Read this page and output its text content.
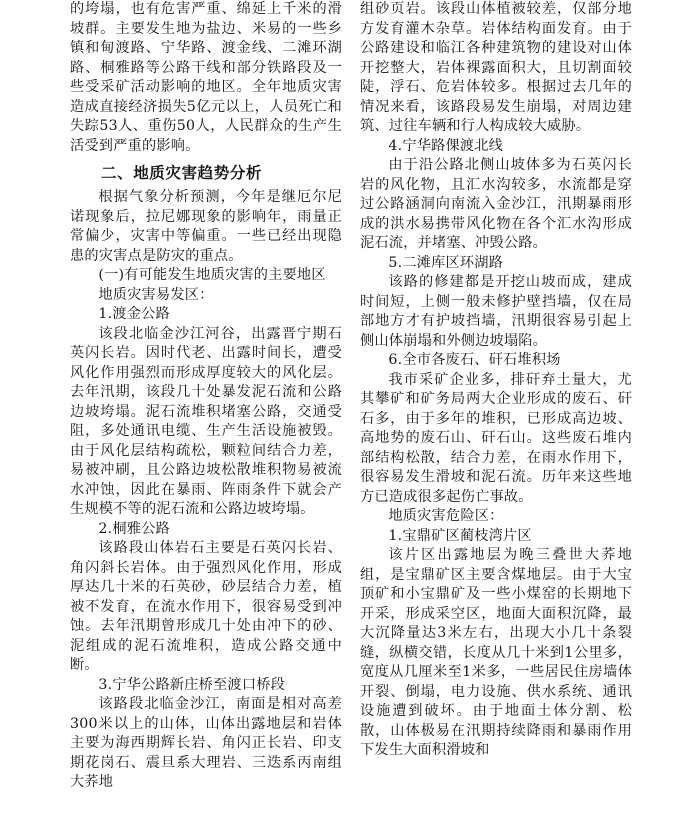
的垮塌，也有危害严重、绵延上千米的滑坡群。主要发生地为盐边、米易的一些乡镇和甸渡路、宁华路、渡金线、二滩环湖路、桐雅路等公路干线和部分铁路段及一些受采矿活动影响的地区。全年地质灾害造成直接经济损失5亿元以上，人员死亡和失踪53人、重伤50人，人民群众的生产生活受到严重的影响。

二、地质灾害趋势分析

根据气象分析预测，今年是继厄尔尼诺现象后，拉尼娜现象的影响年，雨量正常偏少，灾害中等偏重。一些已经出现隐患的灾害点是防灾的重点。

(一)有可能发生地质灾害的主要地区

地质灾害易发区：

1.渡金公路

该段北临金沙江河谷，出露晋宁期石英闪长岩。因时代老、出露时间长，遭受风化作用强烈而形成厚度较大的风化层。去年汛期，该段几十处暴发泥石流和公路边坡垮塌。泥石流堆积堵塞公路，交通受阻，多处通讯电缆、生产生活设施被毁。由于风化层结构疏松，颗粒间结合力差，易被冲刷，且公路边坡松散堆积物易被流水冲蚀，因此在暴雨、阵雨条件下就会产生规模不等的泥石流和公路边坡垮塌。

2.桐雅公路

该路段山体岩石主要是石英闪长岩、角闪斜长岩体。由于强烈风化作用，形成厚达几十米的石英砂，砂层结合力差，植被不发育，在流水作用下，很容易受到冲蚀。去年汛期曾形成几十处由冲下的砂、泥组成的泥石流堆积，造成公路交通中断。

3.宁华公路新庄桥至渡口桥段

该路段北临金沙江，南面是相对高差300米以上的山体，山体出露地层和岩体主要为海西期辉长岩、角闪正长岩、印支期花岗石、震旦系大理岩、三迭系丙南组大荞地

组砂页岩。该段山体植被较差，仅部分地方发育灌木杂草。岩体结构面发育。由于公路建设和临江各种建筑物的建设对山体开挖整大，岩体裸露面积大，且切割面较陡，浮石、危岩体较多。根据过去几年的情况来看，该路段易发生崩塌，对周边建筑、过往车辆和行人构成较大威胁。

4.宁华路倮渡北线

由于沿公路北侧山坡体多为石英闪长岩的风化物，且汇水沟较多，水流都是穿过公路涵洞向南流入金沙江，汛期暴雨形成的洪水易携带风化物在各个汇水沟形成泥石流，并堵塞、冲毁公路。

5.二滩库区环湖路

该路的修建都是开挖山坡而成，建成时间短，上侧一般未修护壁挡墙，仅在局部地方才有护坡挡墙，汛期很容易引起上侧山体崩塌和外侧边坡塌陷。

6.全市各废石、矸石堆积场

我市采矿企业多，排矸弃土量大，尤其攀矿和矿务局两大企业形成的废石、矸石多，由于多年的堆积，已形成高边坡、高地势的废石山、矸石山。这些废石堆内部结构松散，结合力差，在雨水作用下，很容易发生滑坡和泥石流。历年来这些地方已造成很多起伤亡事故。

地质灾害危险区：

1.宝鼎矿区蔺枝湾片区

该片区出露地层为晚三叠世大荞地组，是宝鼎矿区主要含煤地层。由于大宝顶矿和小宝鼎矿及一些小煤窑的长期地下开采，形成采空区，地面大面积沉降，最大沉降量达3米左右，出现大小几十条裂缝，纵横交错，长度从几十米到1公里多，宽度从几厘米至1米多，一些居民住房墙体开裂、倒塌，电力设施、供水系统、通讯设施遭到破坏。由于地面土体分割、松散，山体极易在汛期持续降雨和暴雨作用下发生大面积滑坡和
